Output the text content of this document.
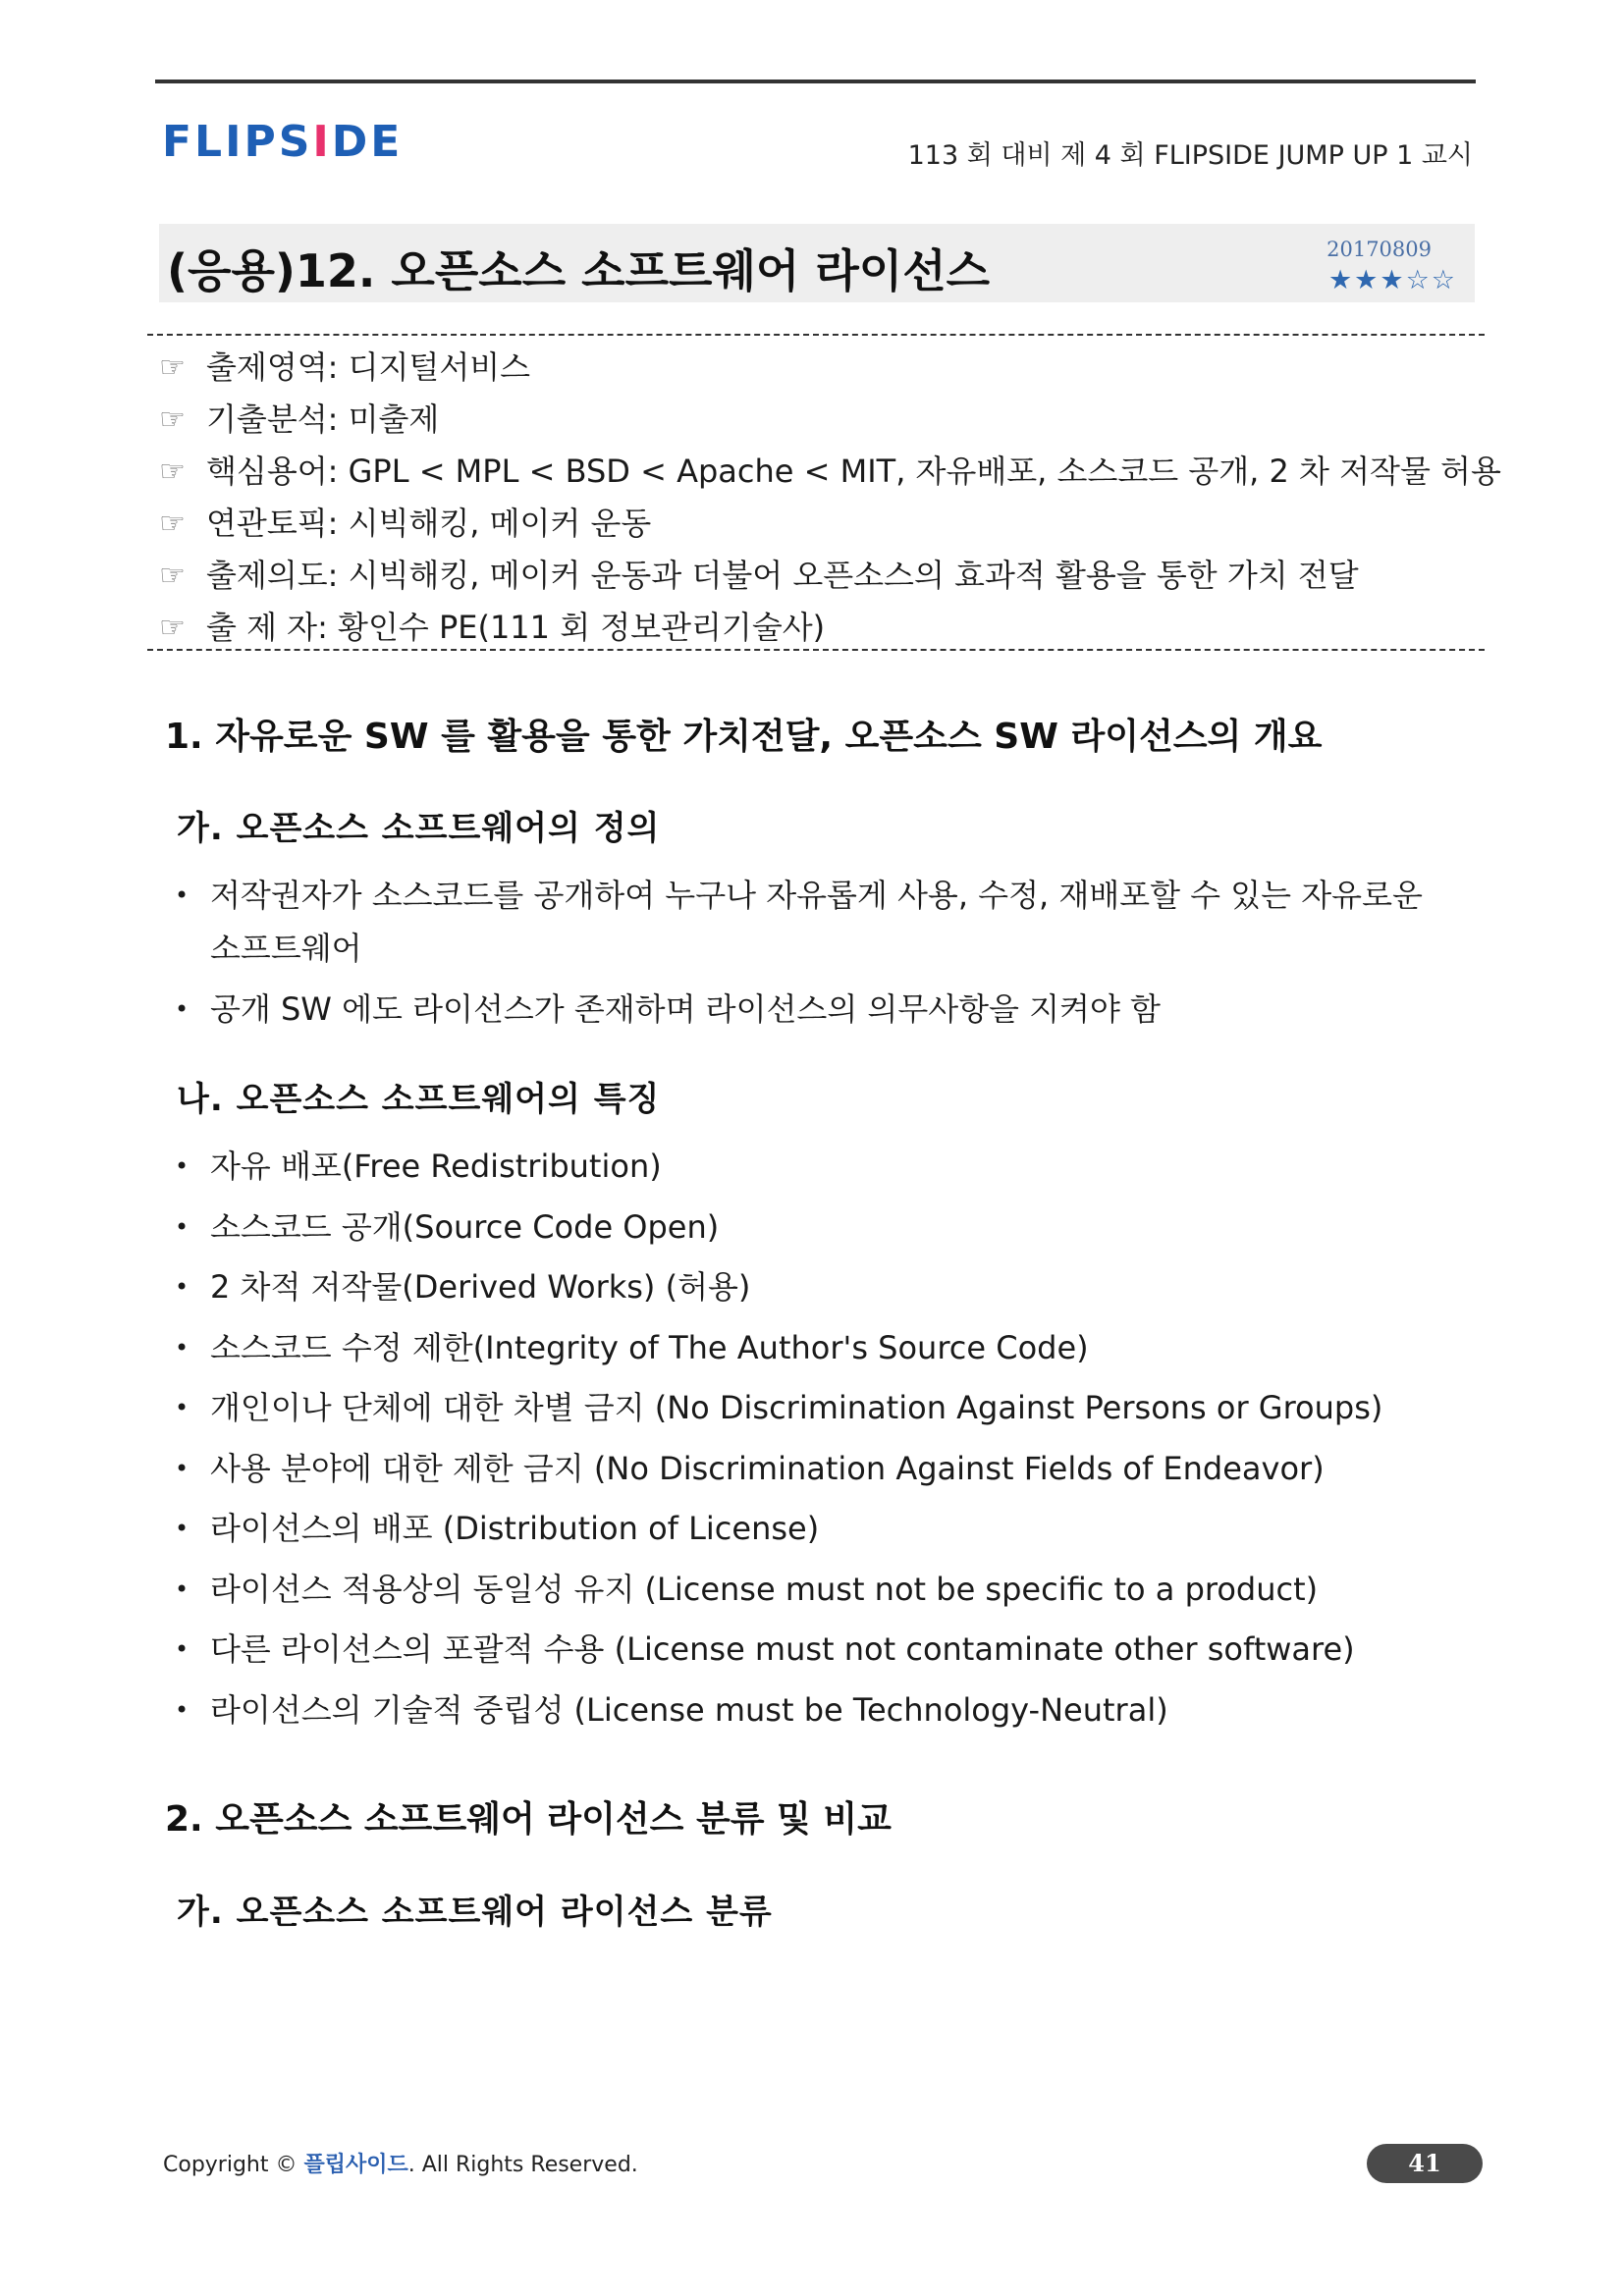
FLIPS I DE	113 회 대비 제 4 회 FLIPSIDE JUMP UP 1 교시
(응용)12. 오픈소스 소프트웨어 라이선스	20170809
★★★☆☆
☞ 출제영역: 디지털서비스
☞ 기출분석: 미출제
☞ 핵심용어: GPL < MPL < BSD < Apache < MIT, 자유배포, 소스코드 공개, 2 차 저작물 허용
☞ 연관토픽: 시빅해킹, 메이커 운동
☞ 출제의도: 시빅해킹, 메이커 운동과 더불어 오픈소스의 효과적 활용을 통한 가치 전달
☞ 출 제 자: 황인수 PE(111 회 정보관리기술사)
1. 자유로운 SW 를 활용을 통한 가치전달, 오픈소스 SW 라이선스의 개요
가. 오픈소스 소프트웨어의 정의
• 저작권자가 소스코드를 공개하여 누구나 자유롭게 사용, 수정, 재배포할 수 있는 자유로운
소프트웨어
• 공개 SW 에도 라이선스가 존재하며 라이선스의 의무사항을 지켜야 함
나. 오픈소스 소프트웨어의 특징
• 자유 배포(Free Redistribution)
• 소스코드 공개(Source Code Open)
• 2 차적 저작물(Derived Works) (허용)
• 소스코드 수정 제한(Integrity of The Author's Source Code)
• 개인이나 단체에 대한 차별 금지 (No Discrimination Against Persons or Groups)
• 사용 분야에 대한 제한 금지 (No Discrimination Against Fields of Endeavor)
• 라이선스의 배포 (Distribution of License)
• 라이선스 적용상의 동일성 유지 (License must not be specific to a product)
• 다른 라이선스의 포괄적 수용 (License must not contaminate other software)
• 라이선스의 기술적 중립성 (License must be Technology-Neutral)
2. 오픈소스 소프트웨어 라이선스 분류 및 비교
가. 오픈소스 소프트웨어 라이선스 분류
Copyright © 플립사이드. All Rights Reserved.	41
